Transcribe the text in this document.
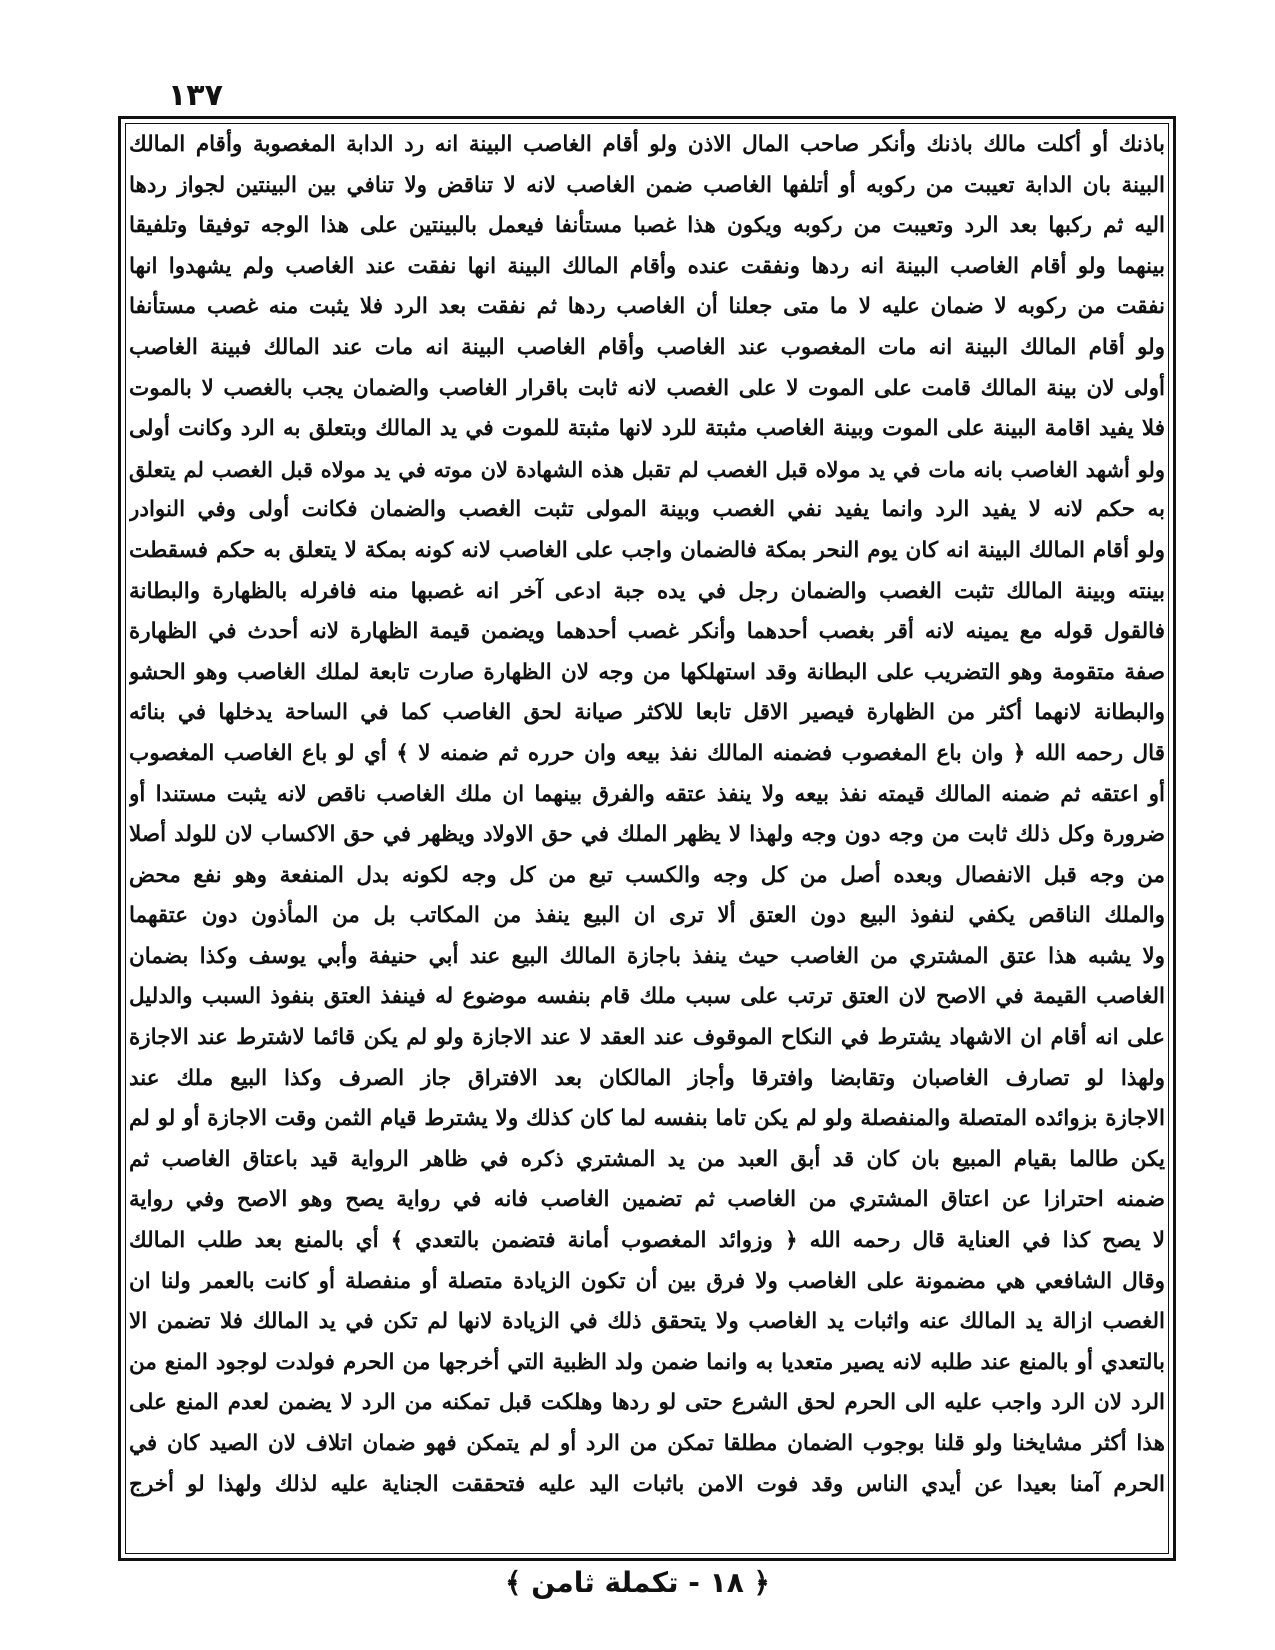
١٣٧
باذنك أو أكلت مالك باذنك وأنكر صاحب المال الاذن ولو أقام الغاصب البينة انه رد الدابة المغصوبة وأقام المالك
البينة بان الدابة تعيبت من ركوبه أو أتلفها الغاصب ضمن الغاصب لانه لا تناقض ولا تنافي بين البينتين لجواز ردها
اليه ثم ركبها بعد الرد وتعيبت من ركوبه ويكون هذا غصبا مستأنفا فيعمل بالبينتين على هذا الوجه توفيقا وتلفيقا
بينهما ولو أقام الغاصب البينة انه ردها ونفقت عنده وأقام المالك البينة انها نفقت عند الغاصب ولم يشهدوا انها
نفقت من ركوبه لا ضمان عليه لا ما متى جعلنا أن الغاصب ردها ثم نفقت بعد الرد فلا يثبت منه غصب مستأنفا
ولو أقام المالك البينة انه مات المغصوب عند الغاصب وأقام الغاصب البينة انه مات عند المالك فبينة الغاصب
أولى لان بينة المالك قامت على الموت لا على الغصب لانه ثابت باقرار الغاصب والضمان يجب بالغصب لا بالموت
فلا يفيد اقامة البينة على الموت وبينة الغاصب مثبتة للرد لانها مثبتة للموت في يد المالك وبتعلق به الرد وكانت أولى
ولو أشهد الغاصب بانه مات في يد مولاه قبل الغصب لم تقبل هذه الشهادة لان موته في يد مولاه قبل الغصب لم يتعلق
به حكم لانه لا يفيد الرد وانما يفيد نفي الغصب وبينة المولى تثبت الغصب والضمان فكانت أولى وفي النوادر
ولو أقام المالك البينة انه كان يوم النحر بمكة فالضمان واجب على الغاصب لانه كونه بمكة لا يتعلق به حكم فسقطت
بينته وبينة المالك تثبت الغصب والضمان رجل في يده جبة ادعى آخر انه غصبها منه فافرله بالظهارة والبطانة
فالقول قوله مع يمينه لانه أقر بغصب أحدهما وأنكر غصب أحدهما ويضمن قيمة الظهارة لانه أحدث في الظهارة
صفة متقومة وهو التضريب على البطانة وقد استهلكها من وجه لان الظهارة صارت تابعة لملك الغاصب وهو الحشو
والبطانة لانهما أكثر من الظهارة فيصير الاقل تابعا للاكثر صيانة لحق الغاصب كما في الساحة يدخلها في بنائه
قال رحمه الله ﴿ وان باع المغصوب فضمنه المالك نفذ بيعه وان حرره ثم ضمنه لا ﴾ أي لو باع الغاصب المغصوب
أو اعتقه ثم ضمنه المالك قيمته نفذ بيعه ولا ينفذ عتقه والفرق بينهما ان ملك الغاصب ناقص لانه يثبت مستندا أو
ضرورة وكل ذلك ثابت من وجه دون وجه ولهذا لا يظهر الملك في حق الاولاد ويظهر في حق الاكساب لان للولد أصلا
من وجه قبل الانفصال وبعده أصل من كل وجه والكسب تبع من كل وجه لكونه بدل المنفعة وهو نفع محض
والملك الناقص يكفي لنفوذ البيع دون العتق ألا ترى ان البيع ينفذ من المكاتب بل من المأذون دون عتقهما
ولا يشبه هذا عتق المشتري من الغاصب حيث ينفذ باجازة المالك البيع عند أبي حنيفة وأبي يوسف وكذا بضمان
الغاصب القيمة في الاصح لان العتق ترتب على سبب ملك قام بنفسه موضوع له فينفذ العتق بنفوذ السبب والدليل
على انه أقام ان الاشهاد يشترط في النكاح الموقوف عند العقد لا عند الاجازة ولو لم يكن قائما لاشترط عند الاجازة
ولهذا لو تصارف الغاصبان وتقابضا وافترقا وأجاز المالكان بعد الافتراق جاز الصرف وكذا البيع ملك عند
الاجازة بزوائده المتصلة والمنفصلة ولو لم يكن تاما بنفسه لما كان كذلك ولا يشترط قيام الثمن وقت الاجازة أو لو لم
يكن طالما بقيام المبيع بان كان قد أبق العبد من يد المشتري ذكره في ظاهر الرواية قيد باعتاق الغاصب ثم
ضمنه احترازا عن اعتاق المشتري من الغاصب ثم تضمين الغاصب فانه في رواية يصح وهو الاصح وفي رواية
لا يصح كذا في العناية قال رحمه الله ﴿ وزوائد المغصوب أمانة فتضمن بالتعدي ﴾ أي بالمنع بعد طلب المالك
وقال الشافعي هي مضمونة على الغاصب ولا فرق بين أن تكون الزيادة متصلة أو منفصلة أو كانت بالعمر ولنا ان
الغصب ازالة يد المالك عنه واثبات يد الغاصب ولا يتحقق ذلك في الزيادة لانها لم تكن في يد المالك فلا تضمن الا
بالتعدي أو بالمنع عند طلبه لانه يصير متعديا به وانما ضمن ولد الظبية التي أخرجها من الحرم فولدت لوجود المنع من
الرد لان الرد واجب عليه الى الحرم لحق الشرع حتى لو ردها وهلكت قبل تمكنه من الرد لا يضمن لعدم المنع على
هذا أكثر مشايخنا ولو قلنا بوجوب الضمان مطلقا تمكن من الرد أو لم يتمكن فهو ضمان اتلاف لان الصيد كان في
الحرم آمنا بعيدا عن أيدي الناس وقد فوت الامن باثبات اليد عليه فتحققت الجناية عليه لذلك ولهذا لو أخرج
﴿ ١٨ - تكملة ثامن ﴾
